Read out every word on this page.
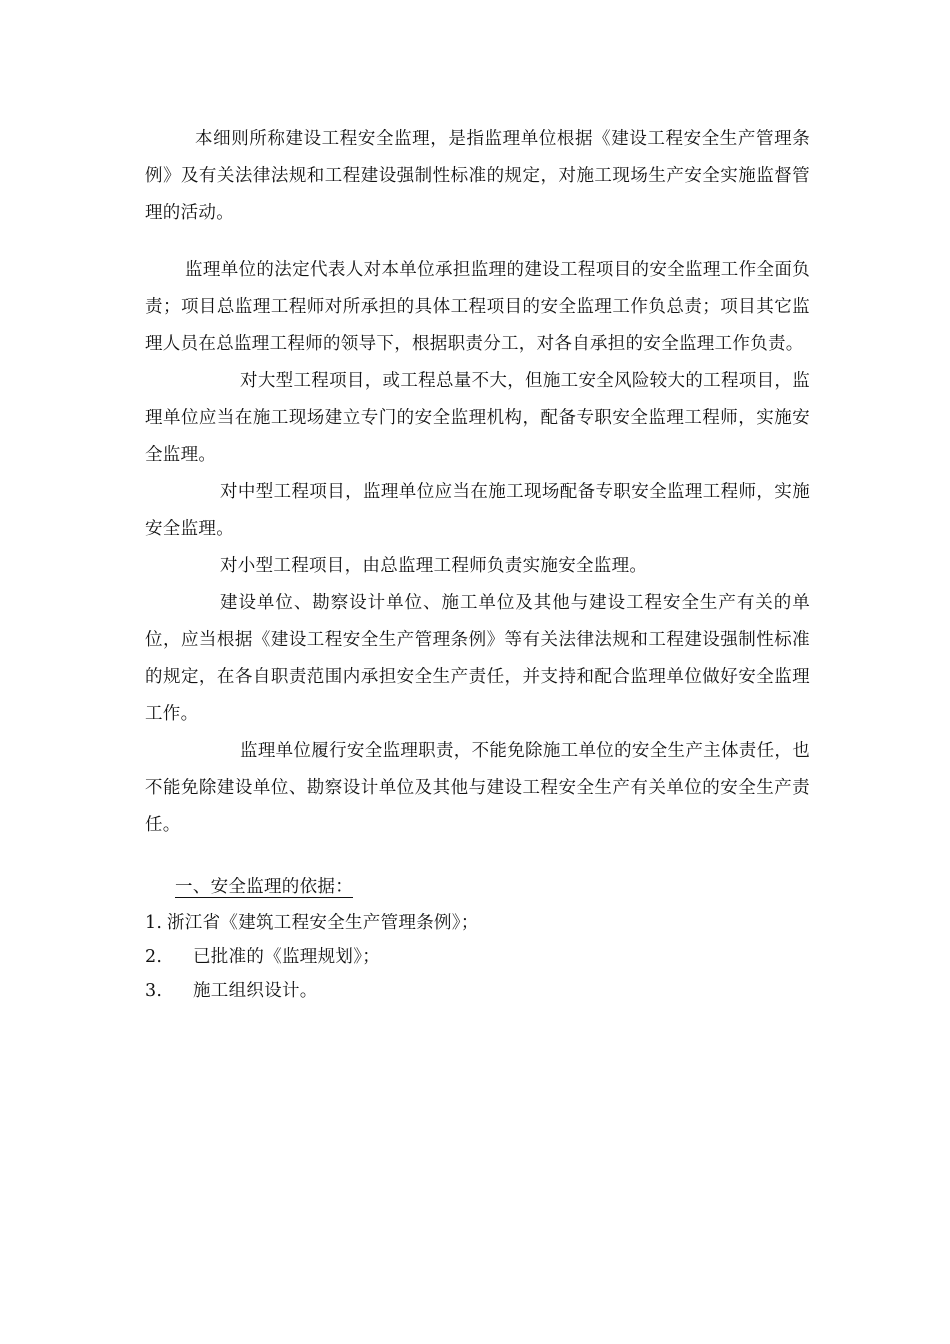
本细则所称建设工程安全监理，是指监理单位根据《建设工程安全生产管理条例》及有关法律法规和工程建设强制性标准的规定，对施工现场生产安全实施监督管理的活动。

监理单位的法定代表人对本单位承担监理的建设工程项目的安全监理工作全面负责；项目总监理工程师对所承担的具体工程项目的安全监理工作负总责；项目其它监理人员在总监理工程师的领导下，根据职责分工，对各自承担的安全监理工作负责。

对大型工程项目，或工程总量不大，但施工安全风险较大的工程项目，监理单位应当在施工现场建立专门的安全监理机构，配备专职安全监理工程师，实施安全监理。

对中型工程项目，监理单位应当在施工现场配备专职安全监理工程师，实施安全监理。

对小型工程项目，由总监理工程师负责实施安全监理。

建设单位、勘察设计单位、施工单位及其他与建设工程安全生产有关的单位，应当根据《建设工程安全生产管理条例》等有关法律法规和工程建设强制性标准的规定，在各自职责范围内承担安全生产责任，并支持和配合监理单位做好安全监理工作。

监理单位履行安全监理职责，不能免除施工单位的安全生产主体责任，也不能免除建设单位、勘察设计单位及其他与建设工程安全生产有关单位的安全生产责任。

一、安全监理的依据：
1. 浙江省《建筑工程安全生产管理条例》；
2. 已批准的《监理规划》；
3. 施工组织设计。
